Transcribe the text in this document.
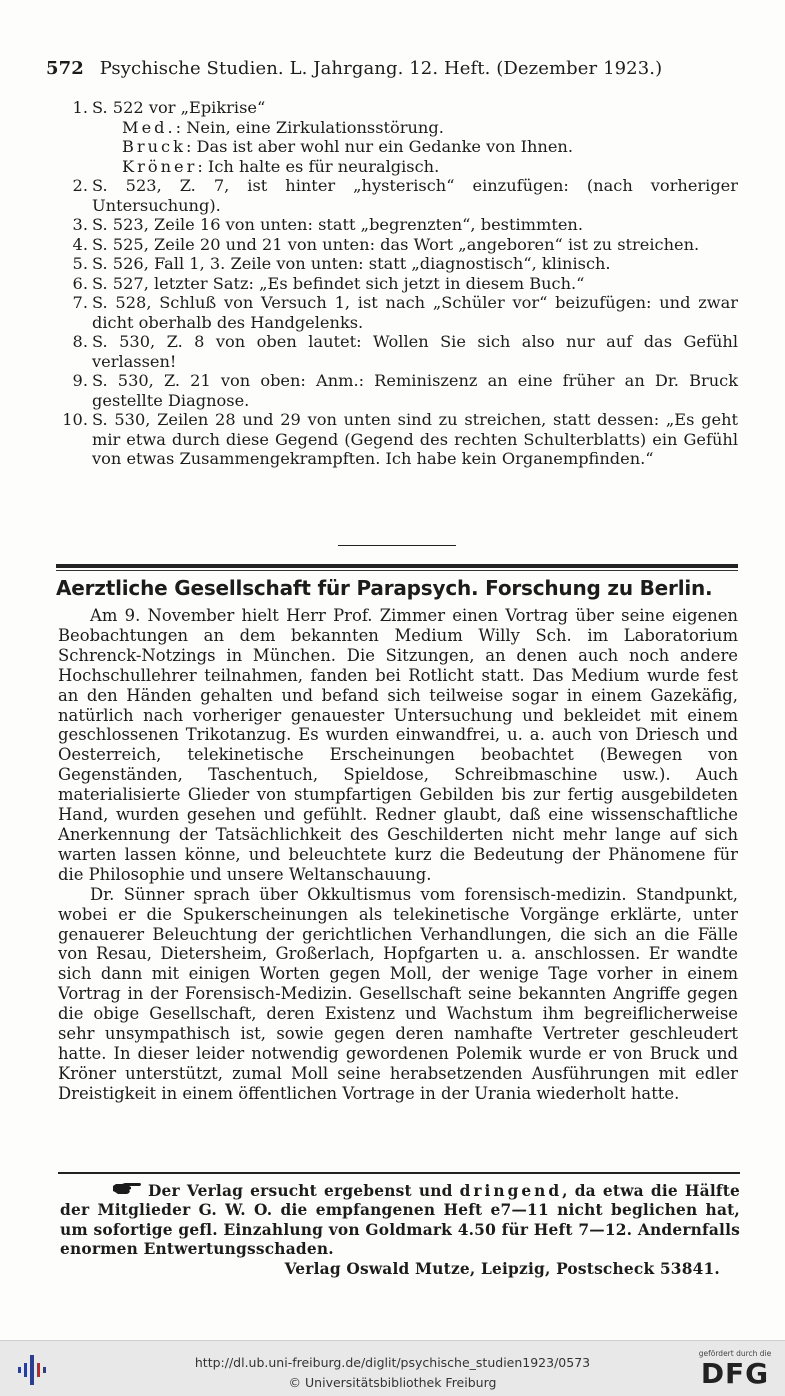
572 Psychische Studien. L. Jahrgang. 12. Heft. (Dezember 1923.)
1. S. 522 vor „Epikrise“
Med.: Nein, eine Zirkulationsstörung.
Bruck: Das ist aber wohl nur ein Gedanke von Ihnen.
Kröner: Ich halte es für neuralgisch.
2. S. 523, Z. 7, ist hinter „hysterisch“ einzufügen: (nach vorheriger Untersuchung).
3. S. 523, Zeile 16 von unten: statt „begrenzten“, bestimmten.
4. S. 525, Zeile 20 und 21 von unten: das Wort „angeboren“ ist zu streichen.
5. S. 526, Fall 1, 3. Zeile von unten: statt „diagnostisch“, klinisch.
6. S. 527, letzter Satz: „Es befindet sich jetzt in diesem Buch.“
7. S. 528, Schluß von Versuch 1, ist nach „Schüler vor“ beizufügen: und zwar dicht oberhalb des Handgelenks.
8. S. 530, Z. 8 von oben lautet: Wollen Sie sich also nur auf das Gefühl verlassen!
9. S. 530, Z. 21 von oben: Anm.: Reminiszenz an eine früher an Dr. Bruck gestellte Diagnose.
10. S. 530, Zeilen 28 und 29 von unten sind zu streichen, statt dessen: „Es geht mir etwa durch diese Gegend (Gegend des rechten Schulterblatts) ein Gefühl von etwas Zusammengekrampften. Ich habe kein Organempfinden.“
Aerztliche Gesellschaft für Parapsych. Forschung zu Berlin.

Am 9. November hielt Herr Prof. Zimmer einen Vortrag über seine eigenen Beobachtungen an dem bekannten Medium Willy Sch. im Laboratorium Schrenck-Notzings in München. Die Sitzungen, an denen auch noch andere Hochschullehrer teilnahmen, fanden bei Rotlicht statt. Das Medium wurde fest an den Händen gehalten und befand sich teilweise sogar in einem Gazekäfig, natürlich nach vorheriger genauester Untersuchung und bekleidet mit einem geschlossenen Trikotanzug. Es wurden einwandfrei, u. a. auch von Driesch und Oesterreich, telekinetische Erscheinungen beobachtet (Bewegen von Gegenständen, Taschentuch, Spieldose, Schreibmaschine usw.). Auch materialisierte Glieder von stumpfartigen Gebilden bis zur fertig ausgebildeten Hand, wurden gesehen und gefühlt. Redner glaubt, daß eine wissenschaftliche Anerkennung der Tatsächlichkeit des Geschilderten nicht mehr lange auf sich warten lassen könne, und beleuchtete kurz die Bedeutung der Phänomene für die Philosophie und unsere Weltanschauung.

Dr. Sünner sprach über Okkultismus vom forensisch-medizin. Standpunkt, wobei er die Spukerscheinungen als telekinetische Vorgänge erklärte, unter genauerer Beleuchtung der gerichtlichen Verhandlungen, die sich an die Fälle von Resau, Dietersheim, Großerlach, Hopfgarten u. a. anschlossen. Er wandte sich dann mit einigen Worten gegen Moll, der wenige Tage vorher in einem Vortrag in der Forensisch-Medizin. Gesellschaft seine bekannten Angriffe gegen die obige Gesellschaft, deren Existenz und Wachstum ihm begreiflicherweise sehr unsympathisch ist, sowie gegen deren namhafte Vertreter geschleudert hatte. In dieser leider notwendig gewordenen Polemik wurde er von Bruck und Kröner unterstützt, zumal Moll seine herabsetzenden Ausführungen mit edler Dreistigkeit in einem öffentlichen Vortrage in der Urania wiederholt hatte.

Der Verlag ersucht ergebenst und dringend, da etwa die Hälfte der Mitglieder G. W. O. die empfangenen Heft e7—11 nicht beglichen hat, um sofortige gefl. Einzahlung von Goldmark 4.50 für Heft 7—12. Andernfalls enormen Entwertungsschaden.
Verlag Oswald Mutze, Leipzig, Postscheck 53841.
http://dl.ub.uni-freiburg.de/diglit/psychische_studien1923/0573
© Universitätsbibliothek Freiburg
gefördert durch die
DFG
